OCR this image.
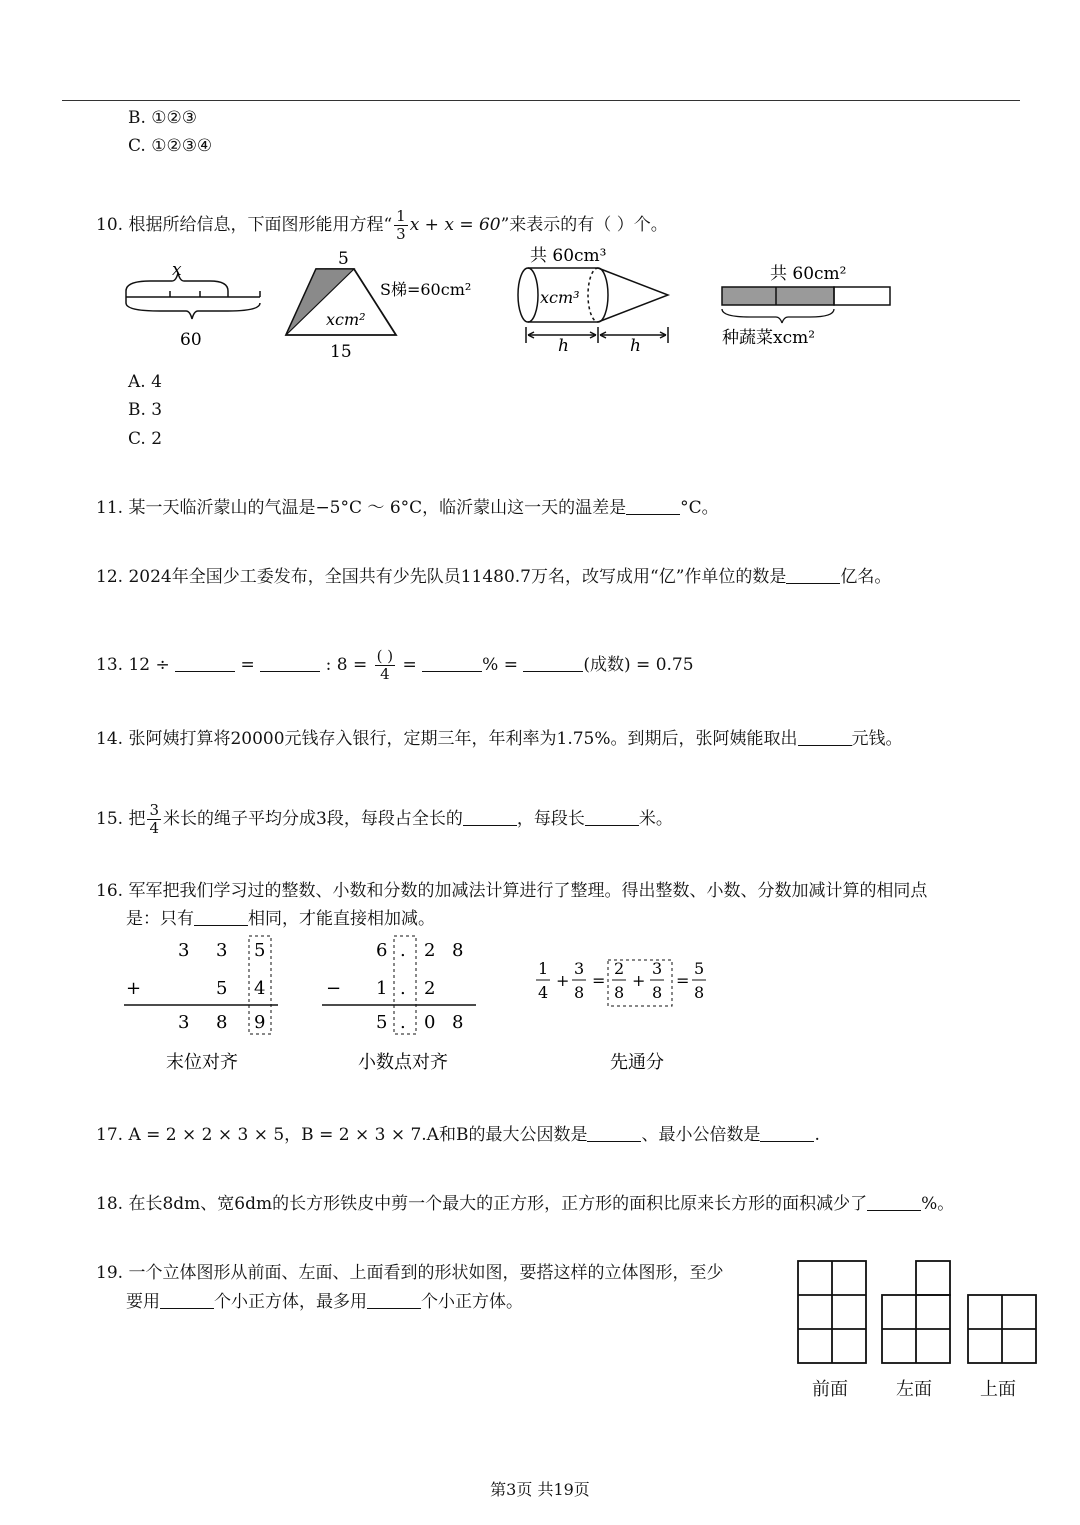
B. ①②③
C. ①②③④
10. 根据所给信息，下面图形能用方程“ $\frac{1}{3}$ x + x = 60”来表示的有（ ）个。
x
60
5
xcm²
S梯=60cm²
15
共 60cm³
xcm³
h	h
共 60cm²
种蔬菜xcm²
A. 4
B. 3
C. 2
11. 某一天临沂蒙山的气温是−5°C ～ 6°C，临沂蒙山这一天的温差是	°C。
12. 2024年全国少工委发布，全国共有少先队员11480.7万名，改写成用“亿”作单位的数是	亿名。
13. 12 ÷	=	: $8 = \frac{( )}{4}$ =	% =	(成数) = 0.75
14. 张阿姨打算将20000元钱存入银行，定期三年，年利率为1.75%。到期后，张阿姨能取出	元钱。
15. 把 $\frac{3}{4}$ 米长的绳子平均分成3段，每段占全长的	，每段长	米。
16. 军军把我们学习过的整数、小数和分数的加减法计算进行了整理。得出整数、小数、分数加减计算的相同点
是：只有	相同，才能直接相加减。
3 3 5
+	5 4
3 8 9
末位对齐
6 . 2 8
− 1 . 2
5 . 0 8
小数点对齐
1
4
+
3
8
=
2
8
+
3
8
=
5
8
先通分
17. A = 2 × 2 × 3 × 5，B = 2 × 3 × 7.A和B的最大公因数是	、最小公倍数是	.
18. 在长8dm、宽6dm的长方形铁皮中剪一个最大的正方形，正方形的面积比原来长方形的面积减少了	%。
19. 一个立体图形从前面、左面、上面看到的形状如图，要搭这样的立体图形，至少
要用	个小正方体，最多用	个小正方体。
前面	左面	上面
第3页 共19页
